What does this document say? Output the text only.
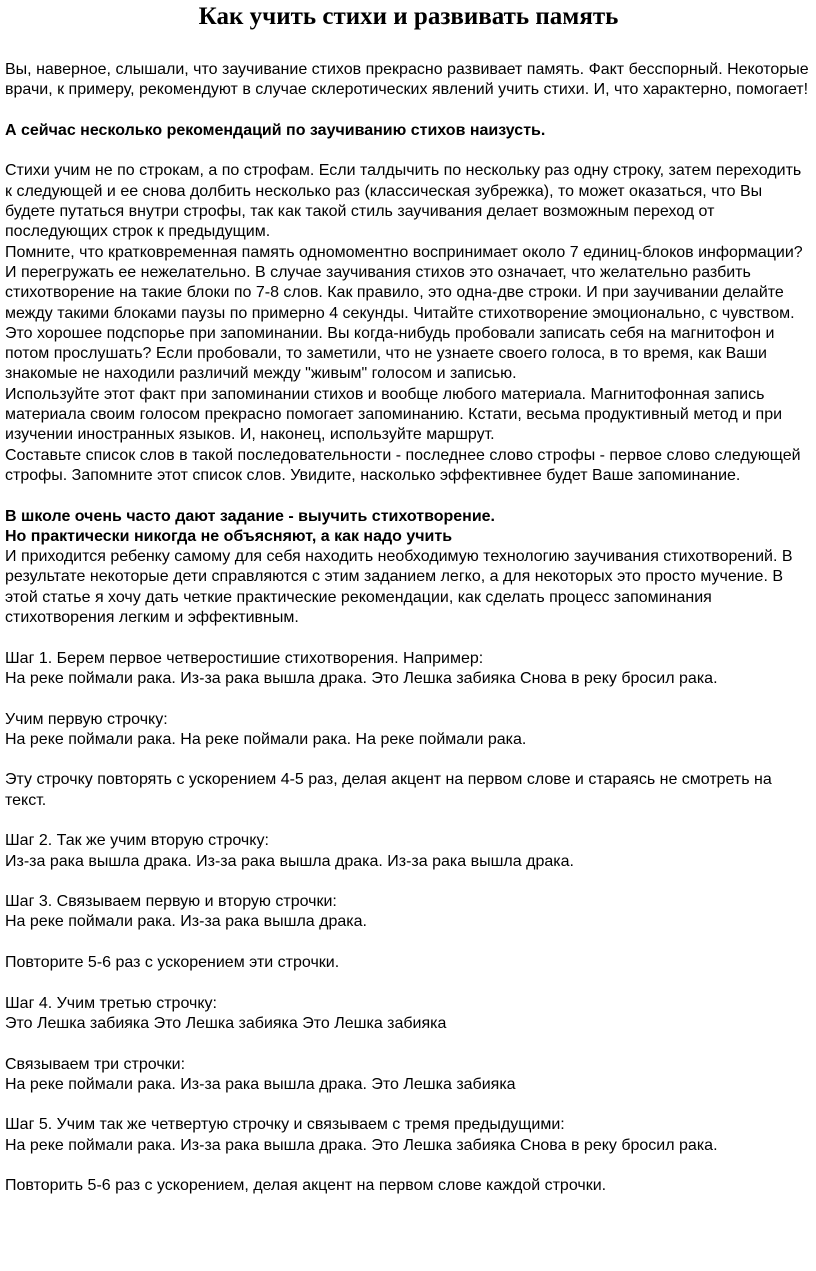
Как учить стихи и развивать память

Вы, наверное, слышали, что заучивание стихов прекрасно развивает память. Факт бесспорный. Некоторые врачи, к примеру, рекомендуют в случае склеротических явлений учить стихи. И, что характерно, помогает!

А сейчас несколько рекомендаций по заучиванию стихов наизусть.

Стихи учим не по строкам, а по строфам. Если талдычить по нескольку раз одну строку, затем переходить к следующей и ее снова долбить несколько раз (классическая зубрежка), то может оказаться, что Вы будете путаться внутри строфы, так как такой стиль заучивания делает возможным переход от последующих строк к предыдущим.

Помните, что кратковременная память одномоментно воспринимает около 7 единиц-блоков информации? И перегружать ее нежелательно. В случае заучивания стихов это означает, что желательно разбить стихотворение на такие блоки по 7-8 слов. Как правило, это одна-две строки. И при заучивании делайте между такими блоками паузы по примерно 4 секунды. Читайте стихотворение эмоционально, с чувством. Это хорошее подспорье при запоминании. Вы когда-нибудь пробовали записать себя на магнитофон и потом прослушать? Если пробовали, то заметили, что не узнаете своего голоса, в то время, как Ваши знакомые не находили различий между "живым" голосом и записью.

Используйте этот факт при запоминании стихов и вообще любого материала. Магнитофонная запись материала своим голосом прекрасно помогает запоминанию. Кстати, весьма продуктивный метод и при изучении иностранных языков. И, наконец, используйте маршрут.

Составьте список слов в такой последовательности - последнее слово строфы - первое слово следующей строфы. Запомните этот список слов. Увидите, насколько эффективнее будет Ваше запоминание.

В школе очень часто дают задание - выучить стихотворение.

Но практически никогда не объясняют, а как надо учить

И приходится ребенку самому для себя находить необходимую технологию заучивания стихотворений. В результате некоторые дети справляются с этим заданием легко, а для некоторых это просто мучение. В этой статье я хочу дать четкие практические рекомендации, как сделать процесс запоминания стихотворения легким и эффективным.

Шаг 1. Берем первое четверостишие стихотворения. Например:

На реке поймали рака. Из-за рака вышла драка. Это Лешка забияка Снова в реку бросил рака.

Учим первую строчку:

На реке поймали рака. На реке поймали рака. На реке поймали рака.

Эту строчку повторять с ускорением 4-5 раз, делая акцент на первом слове и стараясь не смотреть на текст.

Шаг 2. Так же учим вторую строчку:

Из-за рака вышла драка. Из-за рака вышла драка. Из-за рака вышла драка.

Шаг 3. Связываем первую и вторую строчки:

На реке поймали рака. Из-за рака вышла драка.

Повторите 5-6 раз с ускорением эти строчки.

Шаг 4. Учим третью строчку:

Это Лешка забияка Это Лешка забияка Это Лешка забияка

Связываем три строчки:

На реке поймали рака. Из-за рака вышла драка. Это Лешка забияка

Шаг 5. Учим так же четвертую строчку и связываем с тремя предыдущими:

На реке поймали рака. Из-за рака вышла драка. Это Лешка забияка Снова в реку бросил рака.

Повторить 5-6 раз с ускорением, делая акцент на первом слове каждой строчки.
